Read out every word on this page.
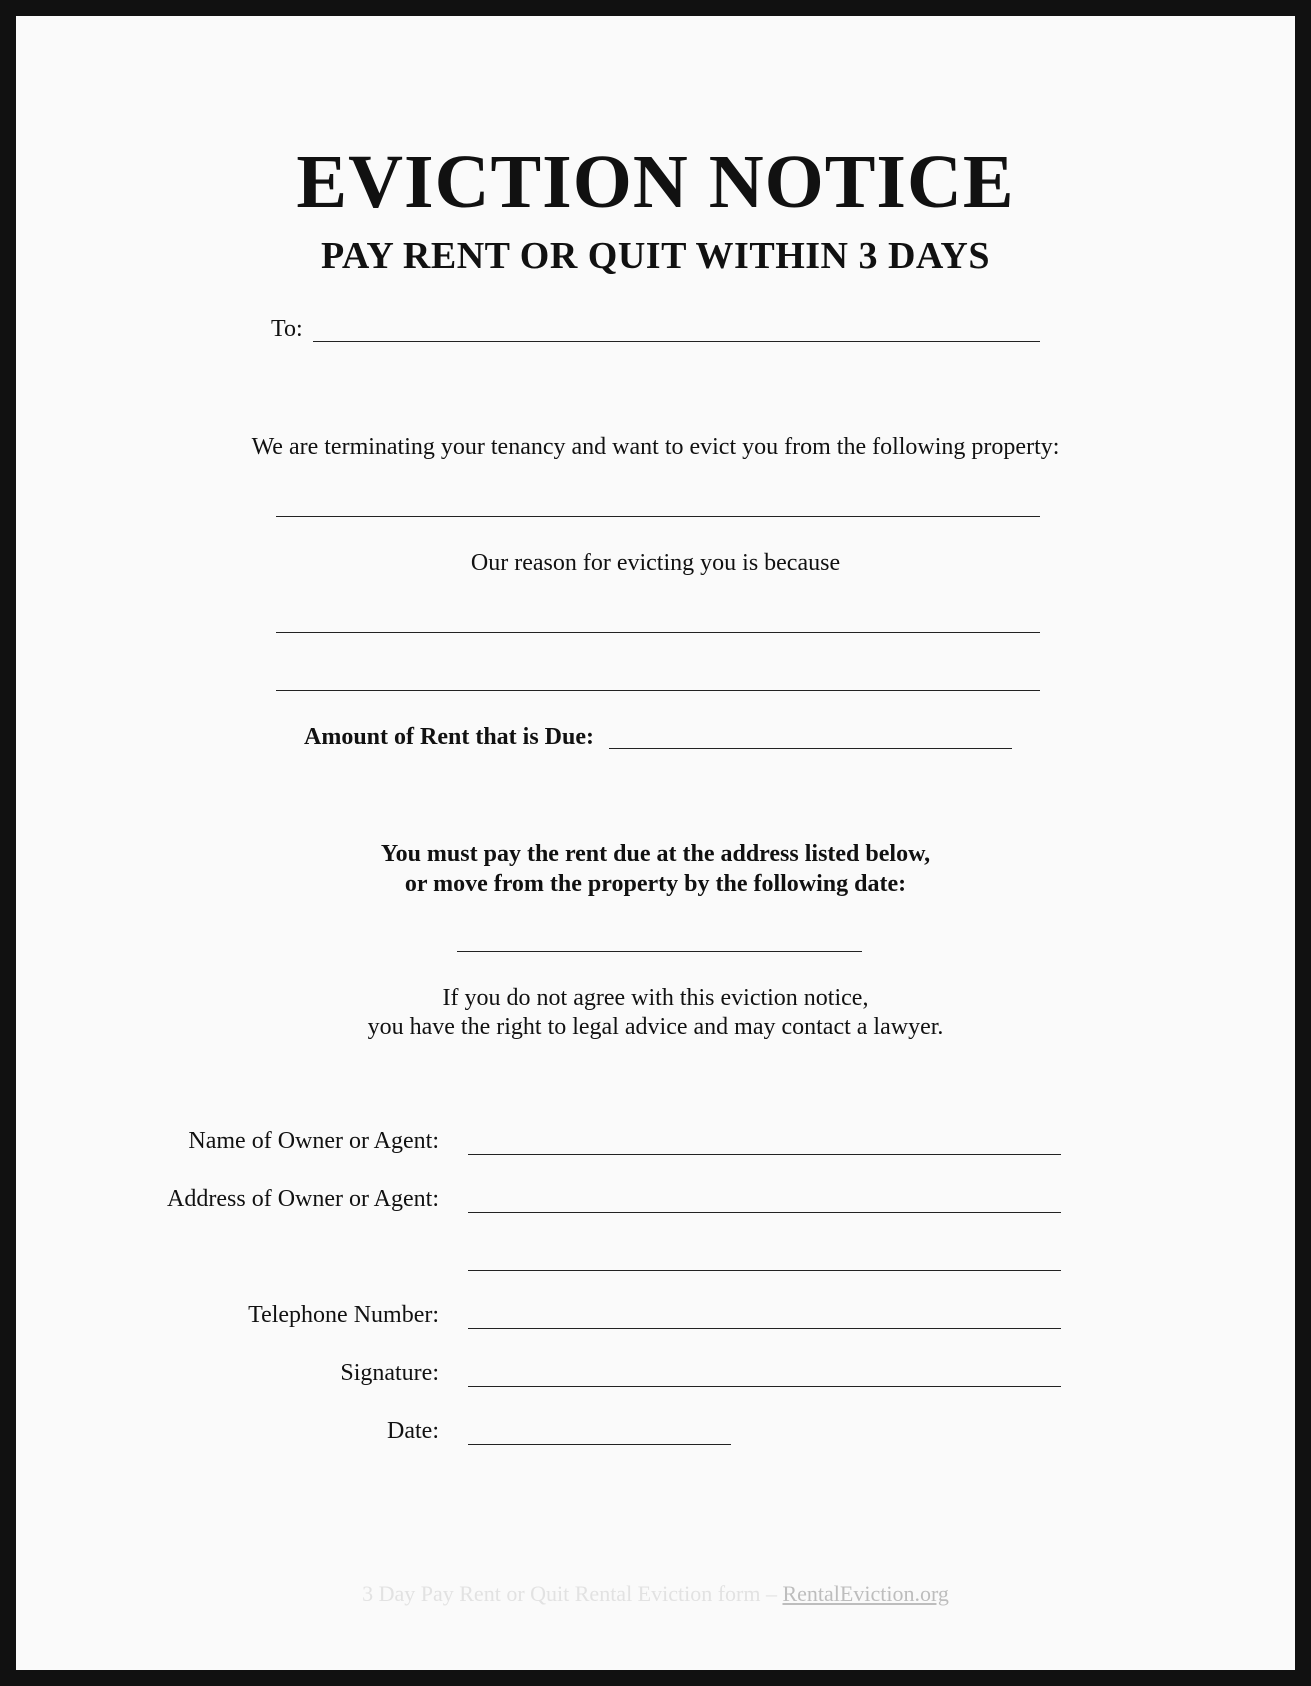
EVICTION NOTICE
PAY RENT OR QUIT WITHIN 3 DAYS
To:
We are terminating your tenancy and want to evict you from the following property:
Our reason for evicting you is because
Amount of Rent that is Due:
You must pay the rent due at the address listed below,
or move from the property by the following date:
If you do not agree with this eviction notice,
you have the right to legal advice and may contact a lawyer.
Name of Owner or Agent:
Address of Owner or Agent:
Telephone Number:
Signature:
Date:
3 Day Pay Rent or Quit Rental Eviction form – RentalEviction.org
